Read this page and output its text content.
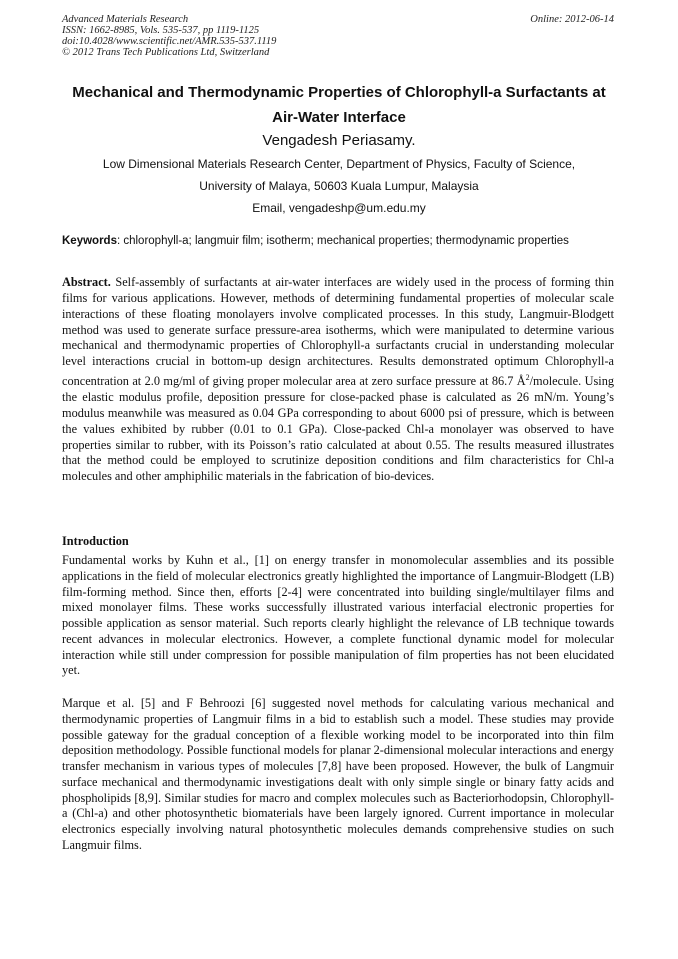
Advanced Materials Research
ISSN: 1662-8985, Vols. 535-537, pp 1119-1125
doi:10.4028/www.scientific.net/AMR.535-537.1119
© 2012 Trans Tech Publications Ltd, Switzerland
Online: 2012-06-14
Mechanical and Thermodynamic Properties of Chlorophyll-a Surfactants at Air-Water Interface
Vengadesh Periasamy.
Low Dimensional Materials Research Center, Department of Physics, Faculty of Science,
University of Malaya, 50603 Kuala Lumpur, Malaysia
Email, vengadeshp@um.edu.my
Keywords: chlorophyll-a; langmuir film; isotherm; mechanical properties; thermodynamic properties
Abstract. Self-assembly of surfactants at air-water interfaces are widely used in the process of forming thin films for various applications. However, methods of determining fundamental properties of molecular scale interactions of these floating monolayers involve complicated processes. In this study, Langmuir-Blodgett method was used to generate surface pressure-area isotherms, which were manipulated to determine various mechanical and thermodynamic properties of Chlorophyll-a surfactants crucial in understanding molecular level interactions crucial in bottom-up design architectures. Results demonstrated optimum Chlorophyll-a concentration at 2.0 mg/ml of giving proper molecular area at zero surface pressure at 86.7 $Å^2$/molecule. Using the elastic modulus profile, deposition pressure for close-packed phase is calculated as 26 mN/m. Young’s modulus meanwhile was measured as 0.04 GPa corresponding to about 6000 psi of pressure, which is between the values exhibited by rubber (0.01 to 0.1 GPa). Close-packed Chl-a monolayer was observed to have properties similar to rubber, with its Poisson’s ratio calculated at about 0.55. The results measured illustrates that the method could be employed to scrutinize deposition conditions and film characteristics for Chl-a molecules and other amphiphilic materials in the fabrication of bio-devices.
Introduction
Fundamental works by Kuhn et al., [1] on energy transfer in monomolecular assemblies and its possible applications in the field of molecular electronics greatly highlighted the importance of Langmuir-Blodgett (LB) film-forming method. Since then, efforts [2-4] were concentrated into building single/multilayer films and mixed monolayer films. These works successfully illustrated various interfacial electronic properties for possible application as sensor material. Such reports clearly highlight the relevance of LB technique towards recent advances in molecular electronics. However, a complete functional dynamic model for molecular interaction while still under compression for possible manipulation of film properties has not been elucidated yet.
Marque et al. [5] and F Behroozi [6] suggested novel methods for calculating various mechanical and thermodynamic properties of Langmuir films in a bid to establish such a model. These studies may provide possible gateway for the gradual conception of a flexible working model to be incorporated into thin film deposition methodology. Possible functional models for planar 2-dimensional molecular interactions and energy transfer mechanism in various types of molecules [7,8] have been proposed. However, the bulk of Langmuir surface mechanical and thermodynamic investigations dealt with only simple single or binary fatty acids and phospholipids [8,9]. Similar studies for macro and complex molecules such as Bacteriorhodopsin, Chlorophyll-a (Chl-a) and other photosynthetic biomaterials have been largely ignored. Current importance in molecular electronics especially involving natural photosynthetic molecules demands comprehensive studies on such Langmuir films.
